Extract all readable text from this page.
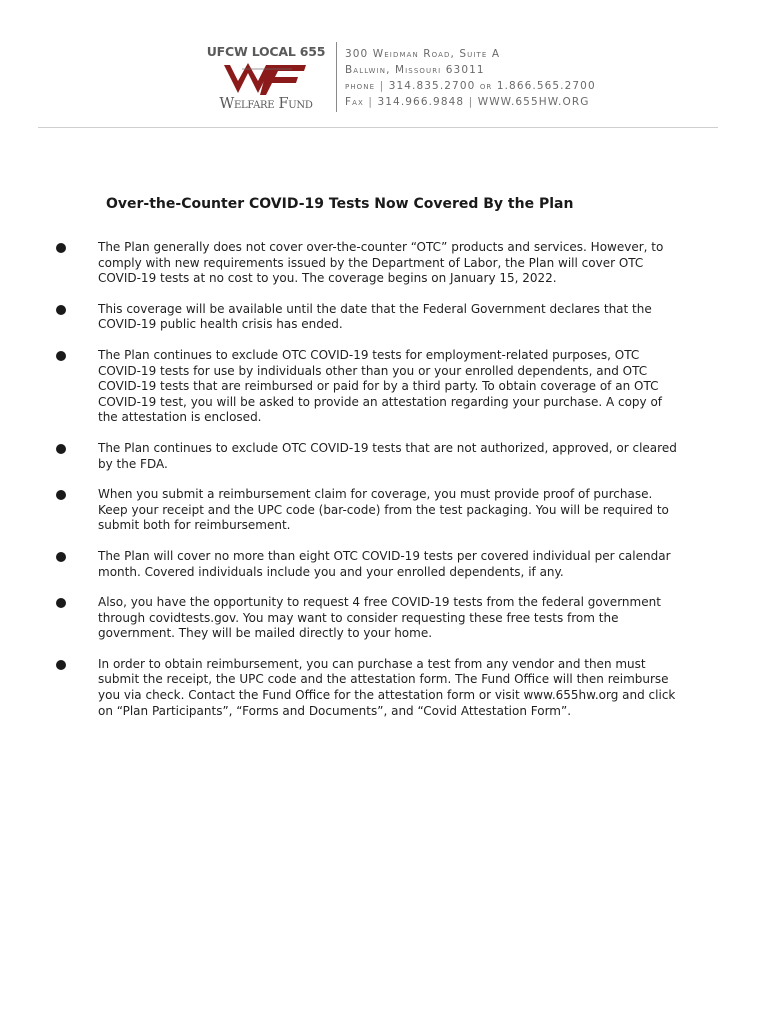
UFCW LOCAL 655
Welfare Fund
300 Weidman Road, Suite A
Ballwin, Missouri 63011
phone | 314.835.2700 or 1.866.565.2700
Fax | 314.966.9848 | WWW.655HW.ORG
Over-the-Counter COVID-19 Tests Now Covered By the Plan
The Plan generally does not cover over-the-counter “OTC” products and services. However, to comply with new requirements issued by the Department of Labor, the Plan will cover OTC COVID-19 tests at no cost to you. The coverage begins on January 15, 2022.
This coverage will be available until the date that the Federal Government declares that the COVID-19 public health crisis has ended.
The Plan continues to exclude OTC COVID-19 tests for employment-related purposes, OTC COVID-19 tests for use by individuals other than you or your enrolled dependents, and OTC COVID-19 tests that are reimbursed or paid for by a third party. To obtain coverage of an OTC COVID-19 test, you will be asked to provide an attestation regarding your purchase. A copy of the attestation is enclosed.
The Plan continues to exclude OTC COVID-19 tests that are not authorized, approved, or cleared by the FDA.
When you submit a reimbursement claim for coverage, you must provide proof of purchase. Keep your receipt and the UPC code (bar-code) from the test packaging. You will be required to submit both for reimbursement.
The Plan will cover no more than eight OTC COVID-19 tests per covered individual per calendar month. Covered individuals include you and your enrolled dependents, if any.
Also, you have the opportunity to request 4 free COVID-19 tests from the federal government through covidtests.gov. You may want to consider requesting these free tests from the government. They will be mailed directly to your home.
In order to obtain reimbursement, you can purchase a test from any vendor and then must submit the receipt, the UPC code and the attestation form. The Fund Office will then reimburse you via check. Contact the Fund Office for the attestation form or visit www.655hw.org and click on “Plan Participants”, “Forms and Documents”, and “Covid Attestation Form”.
